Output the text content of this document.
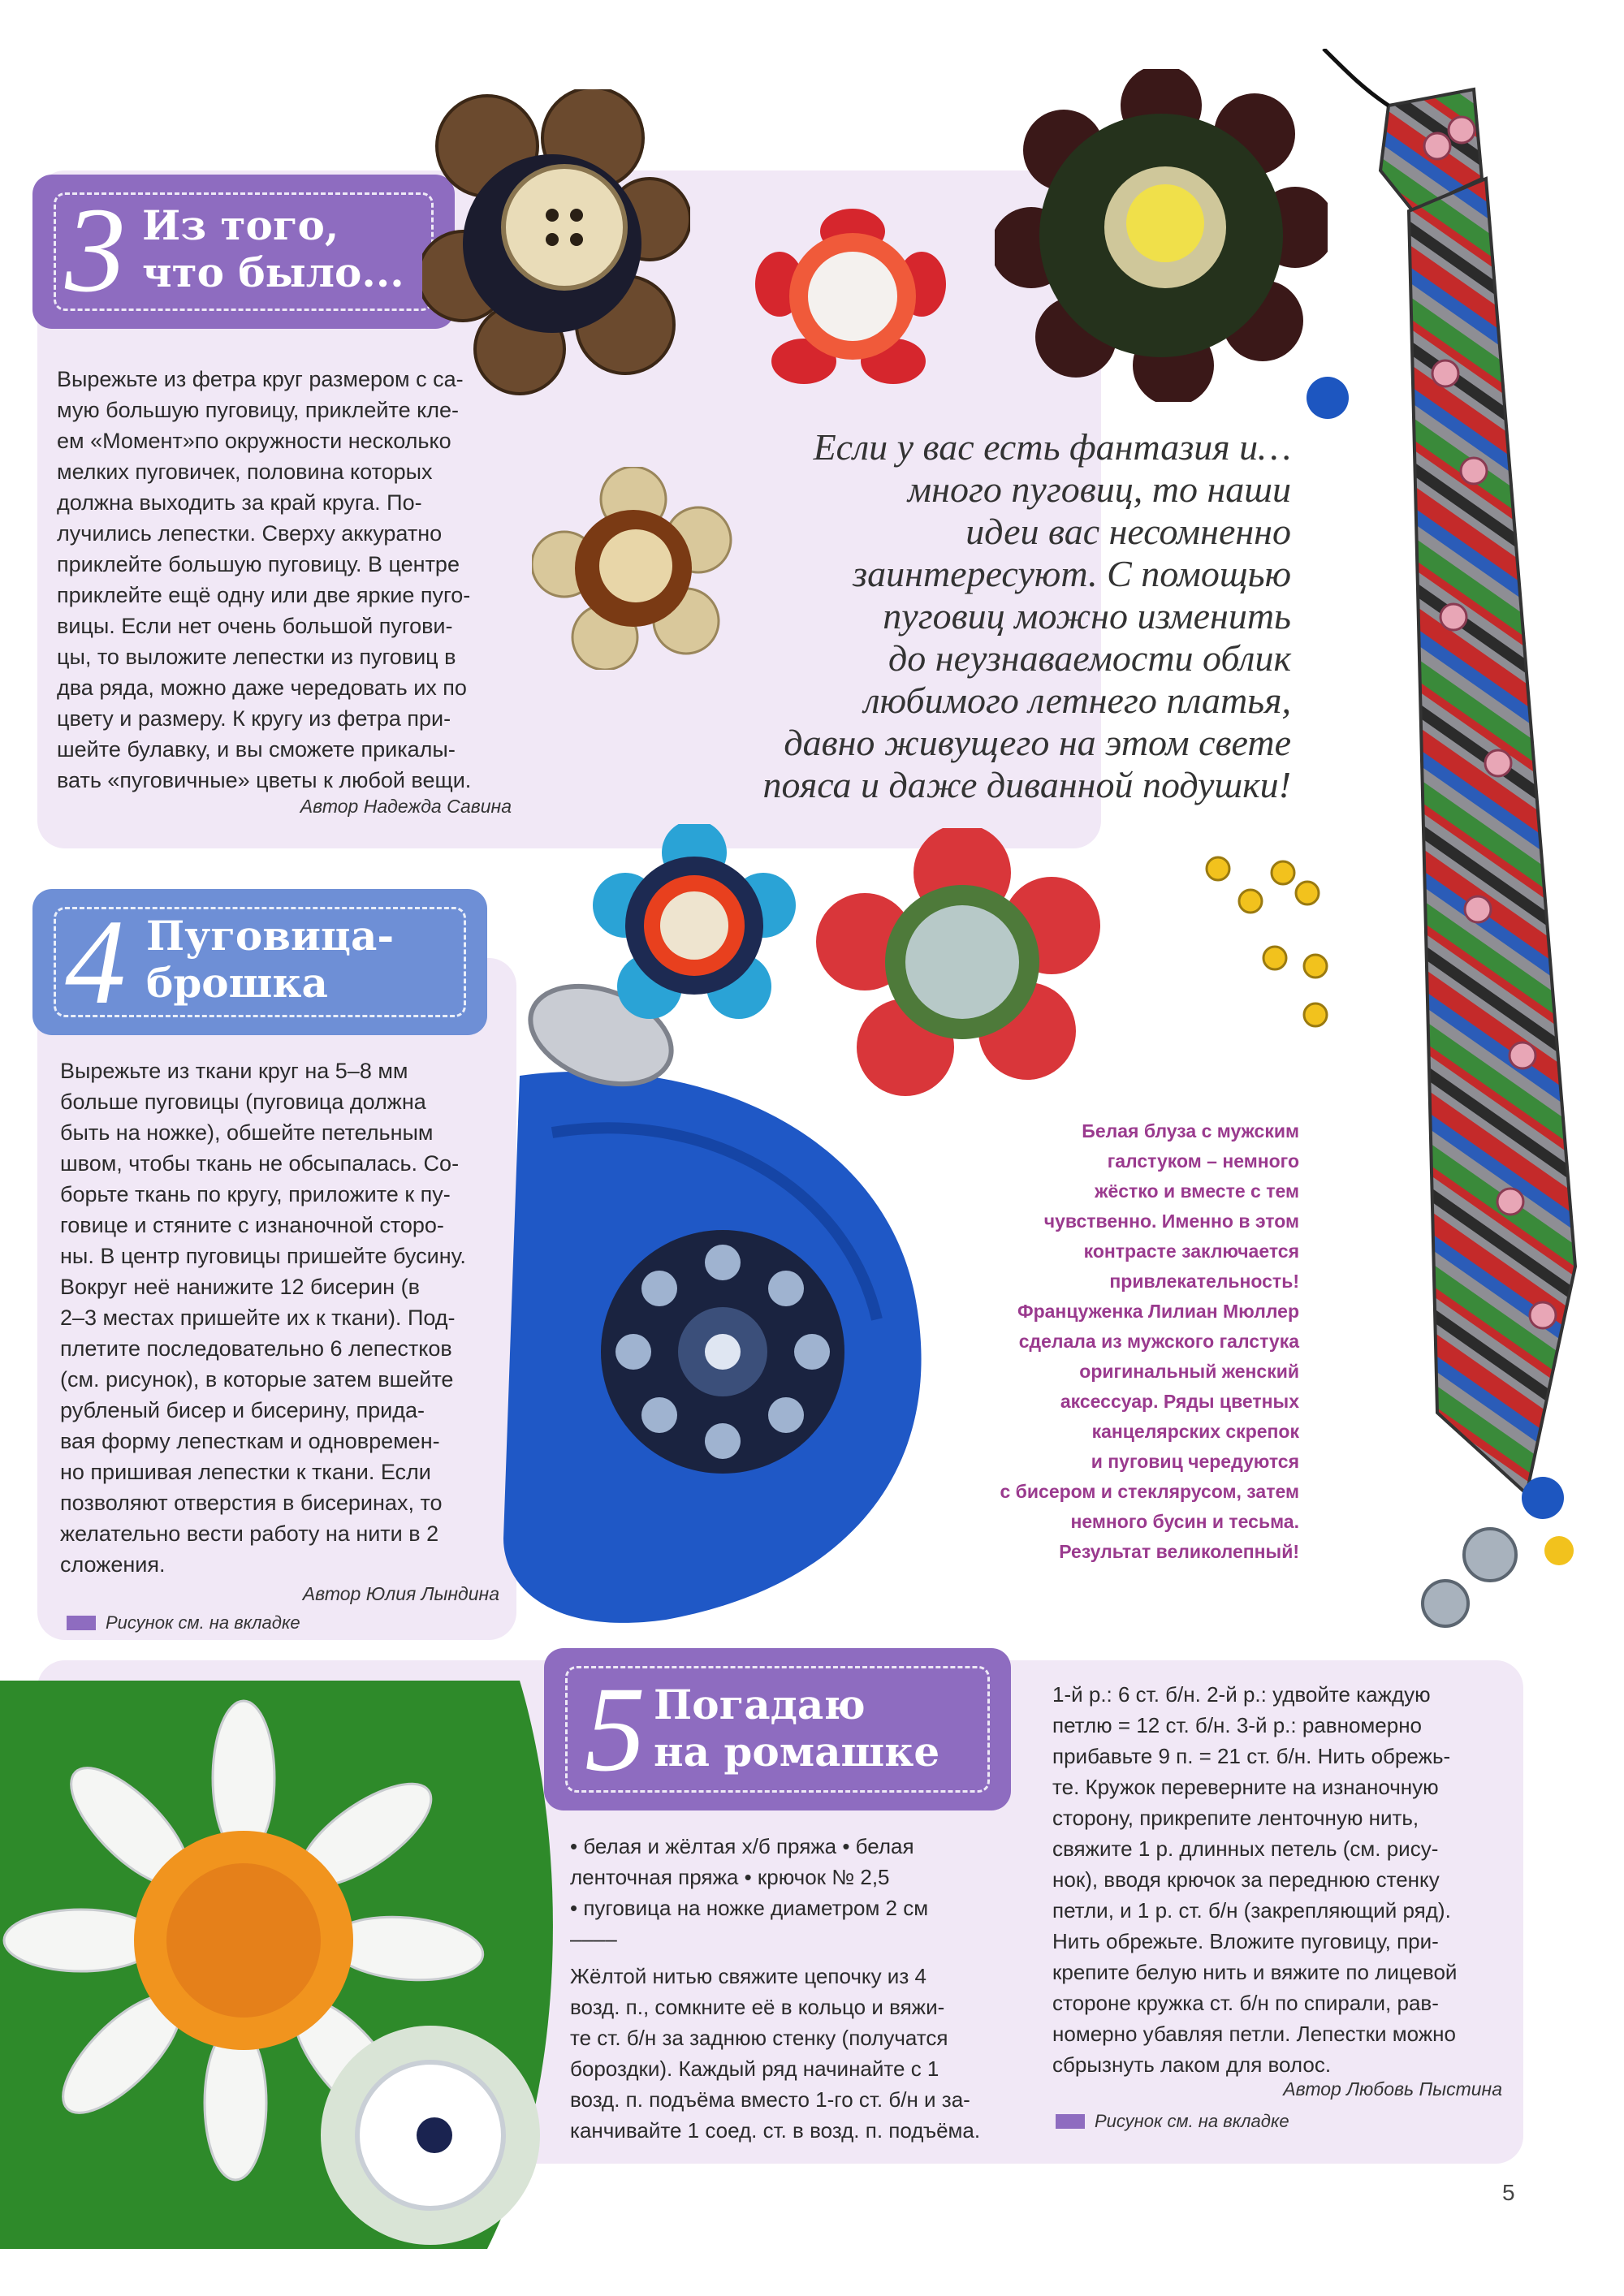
3 Из того,
что было...

Вырежьте из фетра круг размером с са-

мую большую пуговицу, приклейте кле-

ем «Момент»по окружности несколько

мелких пуговичек, половина которых

должна выходить за край круга. По-

лучились лепестки. Сверху аккуратно

приклейте большую пуговицу. В центре

приклейте ещё одну или две яркие пуго-

вицы. Если нет очень большой пугови-

цы, то выложите лепестки из пуговиц в

два ряда, можно даже чередовать их по

цвету и размеру. К кругу из фетра при-

шейте булавку, и вы сможете прикалы-

вать «пуговичные» цветы к любой вещи.

Автор Надежда Савина

Если у вас есть фантазия и…

много пуговиц, то наши

идеи вас несомненно

заинтересуют. С помощью

пуговиц можно изменить

до неузнаваемости облик

любимого летнего платья,

давно живущего на этом свете

пояса и даже диванной подушки!

4 Пуговица-
брошка

Вырежьте из ткани круг на 5–8 мм

больше пуговицы (пуговица должна

быть на ножке), обшейте петельным

швом, чтобы ткань не обсыпалась. Со-

борьте ткань по кругу, приложите к пу-

говице и стяните с изнаночной сторо-

ны. В центр пуговицы пришейте бусину.

Вокруг неё нанижите 12 бисерин (в

2–3 местах пришейте их к ткани). Под-

плетите последовательно 6 лепестков

(см. рисунок), в которые затем вшейте

рубленый бисер и бисерину, прида-

вая форму лепесткам и одновремен-

но пришивая лепестки к ткани. Если

позволяют отверстия в бисеринах, то

желательно вести работу на нити в 2

сложения.

Автор Юлия Лындина
Рисунок см. на вкладке

Белая блуза с мужским

галстуком – немного

жёстко и вместе с тем

чувственно. Именно в этом

контрасте заключается

привлекательность!

Француженка Лилиан Мюллер

сделала из мужского галстука

оригинальный женский

аксессуар. Ряды цветных

канцелярских скрепок

и пуговиц чередуются

с бисером и стеклярусом, затем

немного бусин и тесьма.

Результат великолепный!

5 Погадаю
на ромашке

• белая и жёлтая х/б пряжа • белая

ленточная пряжа • крючок № 2,5

• пуговица на ножке диаметром 2 см

––––

Жёлтой нитью свяжите цепочку из 4

возд. п., сомкните её в кольцо и вяжи-

те ст. б/н за заднюю стенку (получатся

бороздки). Каждый ряд начинайте с 1

возд. п. подъёма вместо 1-го ст. б/н и за-

канчивайте 1 соед. ст. в возд. п. подъёма.

1-й р.: 6 ст. б/н. 2-й р.: удвойте каждую

петлю = 12 ст. б/н. 3-й р.: равномерно

прибавьте 9 п. = 21 ст. б/н. Нить обрежь-

те. Кружок переверните на изнаночную

сторону, прикрепите ленточную нить,

свяжите 1 р. длинных петель (см. рису-

нок), вводя крючок за переднюю стенку

петли, и 1 р. ст. б/н (закрепляющий ряд).

Нить обрежьте. Вложите пуговицу, при-

крепите белую нить и вяжите по лицевой

стороне кружка ст. б/н по спирали, рав-

номерно убавляя петли. Лепестки можно

сбрызнуть лаком для волос.

Автор Любовь Пыстина
Рисунок см. на вкладке
5
